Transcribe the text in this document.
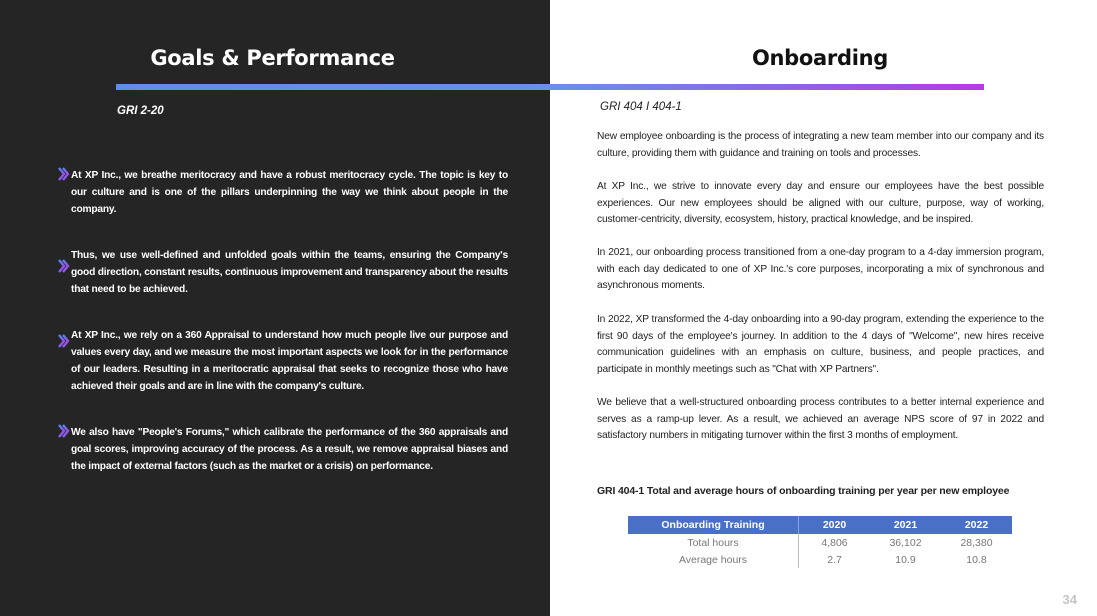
Goals & Performance	Onboarding
GRI 2-20	GRI 404 I 404-1

At XP Inc., we breathe meritocracy and have a robust meritocracy cycle. The topic is key to our culture and is one of the pillars underpinning the way we think about people in the company.

Thus, we use well-defined and unfolded goals within the teams, ensuring the Company's good direction, constant results, continuous improvement and transparency about the results that need to be achieved.

At XP Inc., we rely on a 360 Appraisal to understand how much people live our purpose and values every day, and we measure the most important aspects we look for in the performance of our leaders. Resulting in a meritocratic appraisal that seeks to recognize those who have achieved their goals and are in line with the company's culture.

We also have "People's Forums," which calibrate the performance of the 360 appraisals and goal scores, improving accuracy of the process. As a result, we remove appraisal biases and the impact of external factors (such as the market or a crisis) on performance.

New employee onboarding is the process of integrating a new team member into our company and its culture, providing them with guidance and training on tools and processes.

At XP Inc., we strive to innovate every day and ensure our employees have the best possible experiences. Our new employees should be aligned with our culture, purpose, way of working, customer-centricity, diversity, ecosystem, history, practical knowledge, and be inspired.

In 2021, our onboarding process transitioned from a one-day program to a 4-day immersion program, with each day dedicated to one of XP Inc.'s core purposes, incorporating a mix of synchronous and asynchronous moments.

In 2022, XP transformed the 4-day onboarding into a 90-day program, extending the experience to the first 90 days of the employee's journey. In addition to the 4 days of "Welcome", new hires receive communication guidelines with an emphasis on culture, business, and people practices, and participate in monthly meetings such as "Chat with XP Partners".

We believe that a well-structured onboarding process contributes to a better internal experience and serves as a ramp-up lever. As a result, we achieved an average NPS score of 97 in 2022 and satisfactory numbers in mitigating turnover within the first 3 months of employment.

GRI 404-1 Total and average hours of onboarding training per year per new employee
Onboarding Training	2020	2021	2022
Total hours	4,806	36,102	28,380
Average hours	2.7	10.9	10.8
34
